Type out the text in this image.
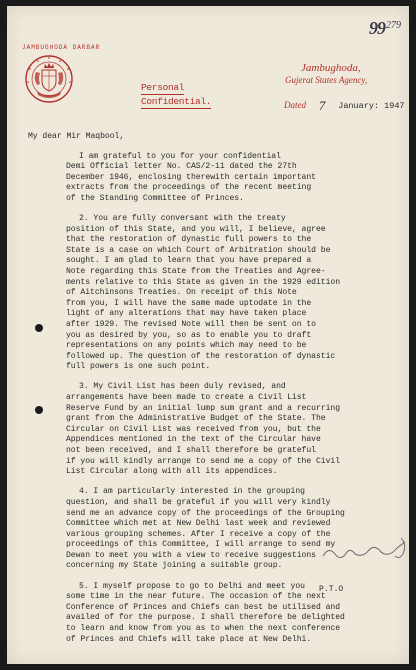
$99^{279}$
JAMBUGHODA DARBAR
Personal
Confidential.
Jambughoda,
Gujerat States Agency,
Dated 7 January: 1947
My dear Mir Maqbool,
I am grateful to you for your confidential
Demi Official letter No. CAS/2-11 dated the 27th
December 1946, enclosing therewith certain important
extracts from the proceedings of the recent meeting
of the Standing Committee of Princes.
2. You are fully conversant with the treaty
position of this State, and you will, I believe, agree
that the restoration of dynastic full powers to the
State is a case on which Court of Arbitration should be
sought. I am glad to learn that you have prepared a
Note regarding this State from the Treaties and Agree-
ments relative to this State as given in the 1929 edition
of Aitchinsons Treaties. On receipt of this Note
from you, I will have the same made uptodate in the
light of any alterations that may have taken place
after 1929. The revised Note will then be sent on to
you as desired by you, so as to enable you to draft
representations on any points which may need to be
followed up. The question of the restoration of dynastic
full powers is one such point.
3. My Civil List has been duly revised, and
arrangements have been made to create a Civil List
Reserve Fund by an initial lump sum grant and a recurring
grant from the Administrative Budget of the State. The
Circular on Civil List was received from you, but the
Appendices mentioned in the text of the Circular have
not been received, and I shall therefore be grateful
if you will kindly arrange to send me a copy of the Civil
List Circular along with all its appendices.
4. I am particularly interested in the grouping
question, and shall be grateful if you will very kindly
send me an advance copy of the proceedings of the Grouping
Committee which met at New Delhi last week and reviewed
various grouping schemes. After I receive a copy of the
proceedings of this Committee, I will arrange to send my
Dewan to meet you with a view to receive suggestions
concerning my State joining a suitable group.
5. I myself propose to go to Delhi and meet you
some time in the near future. The occasion of the next
Conference of Princes and Chiefs can best be utilised and
availed of for the purpose. I shall therefore be delighted
to learn and know from you as to when the next conference
of Princes and Chiefs will take place at New Delhi.
P.T.O
